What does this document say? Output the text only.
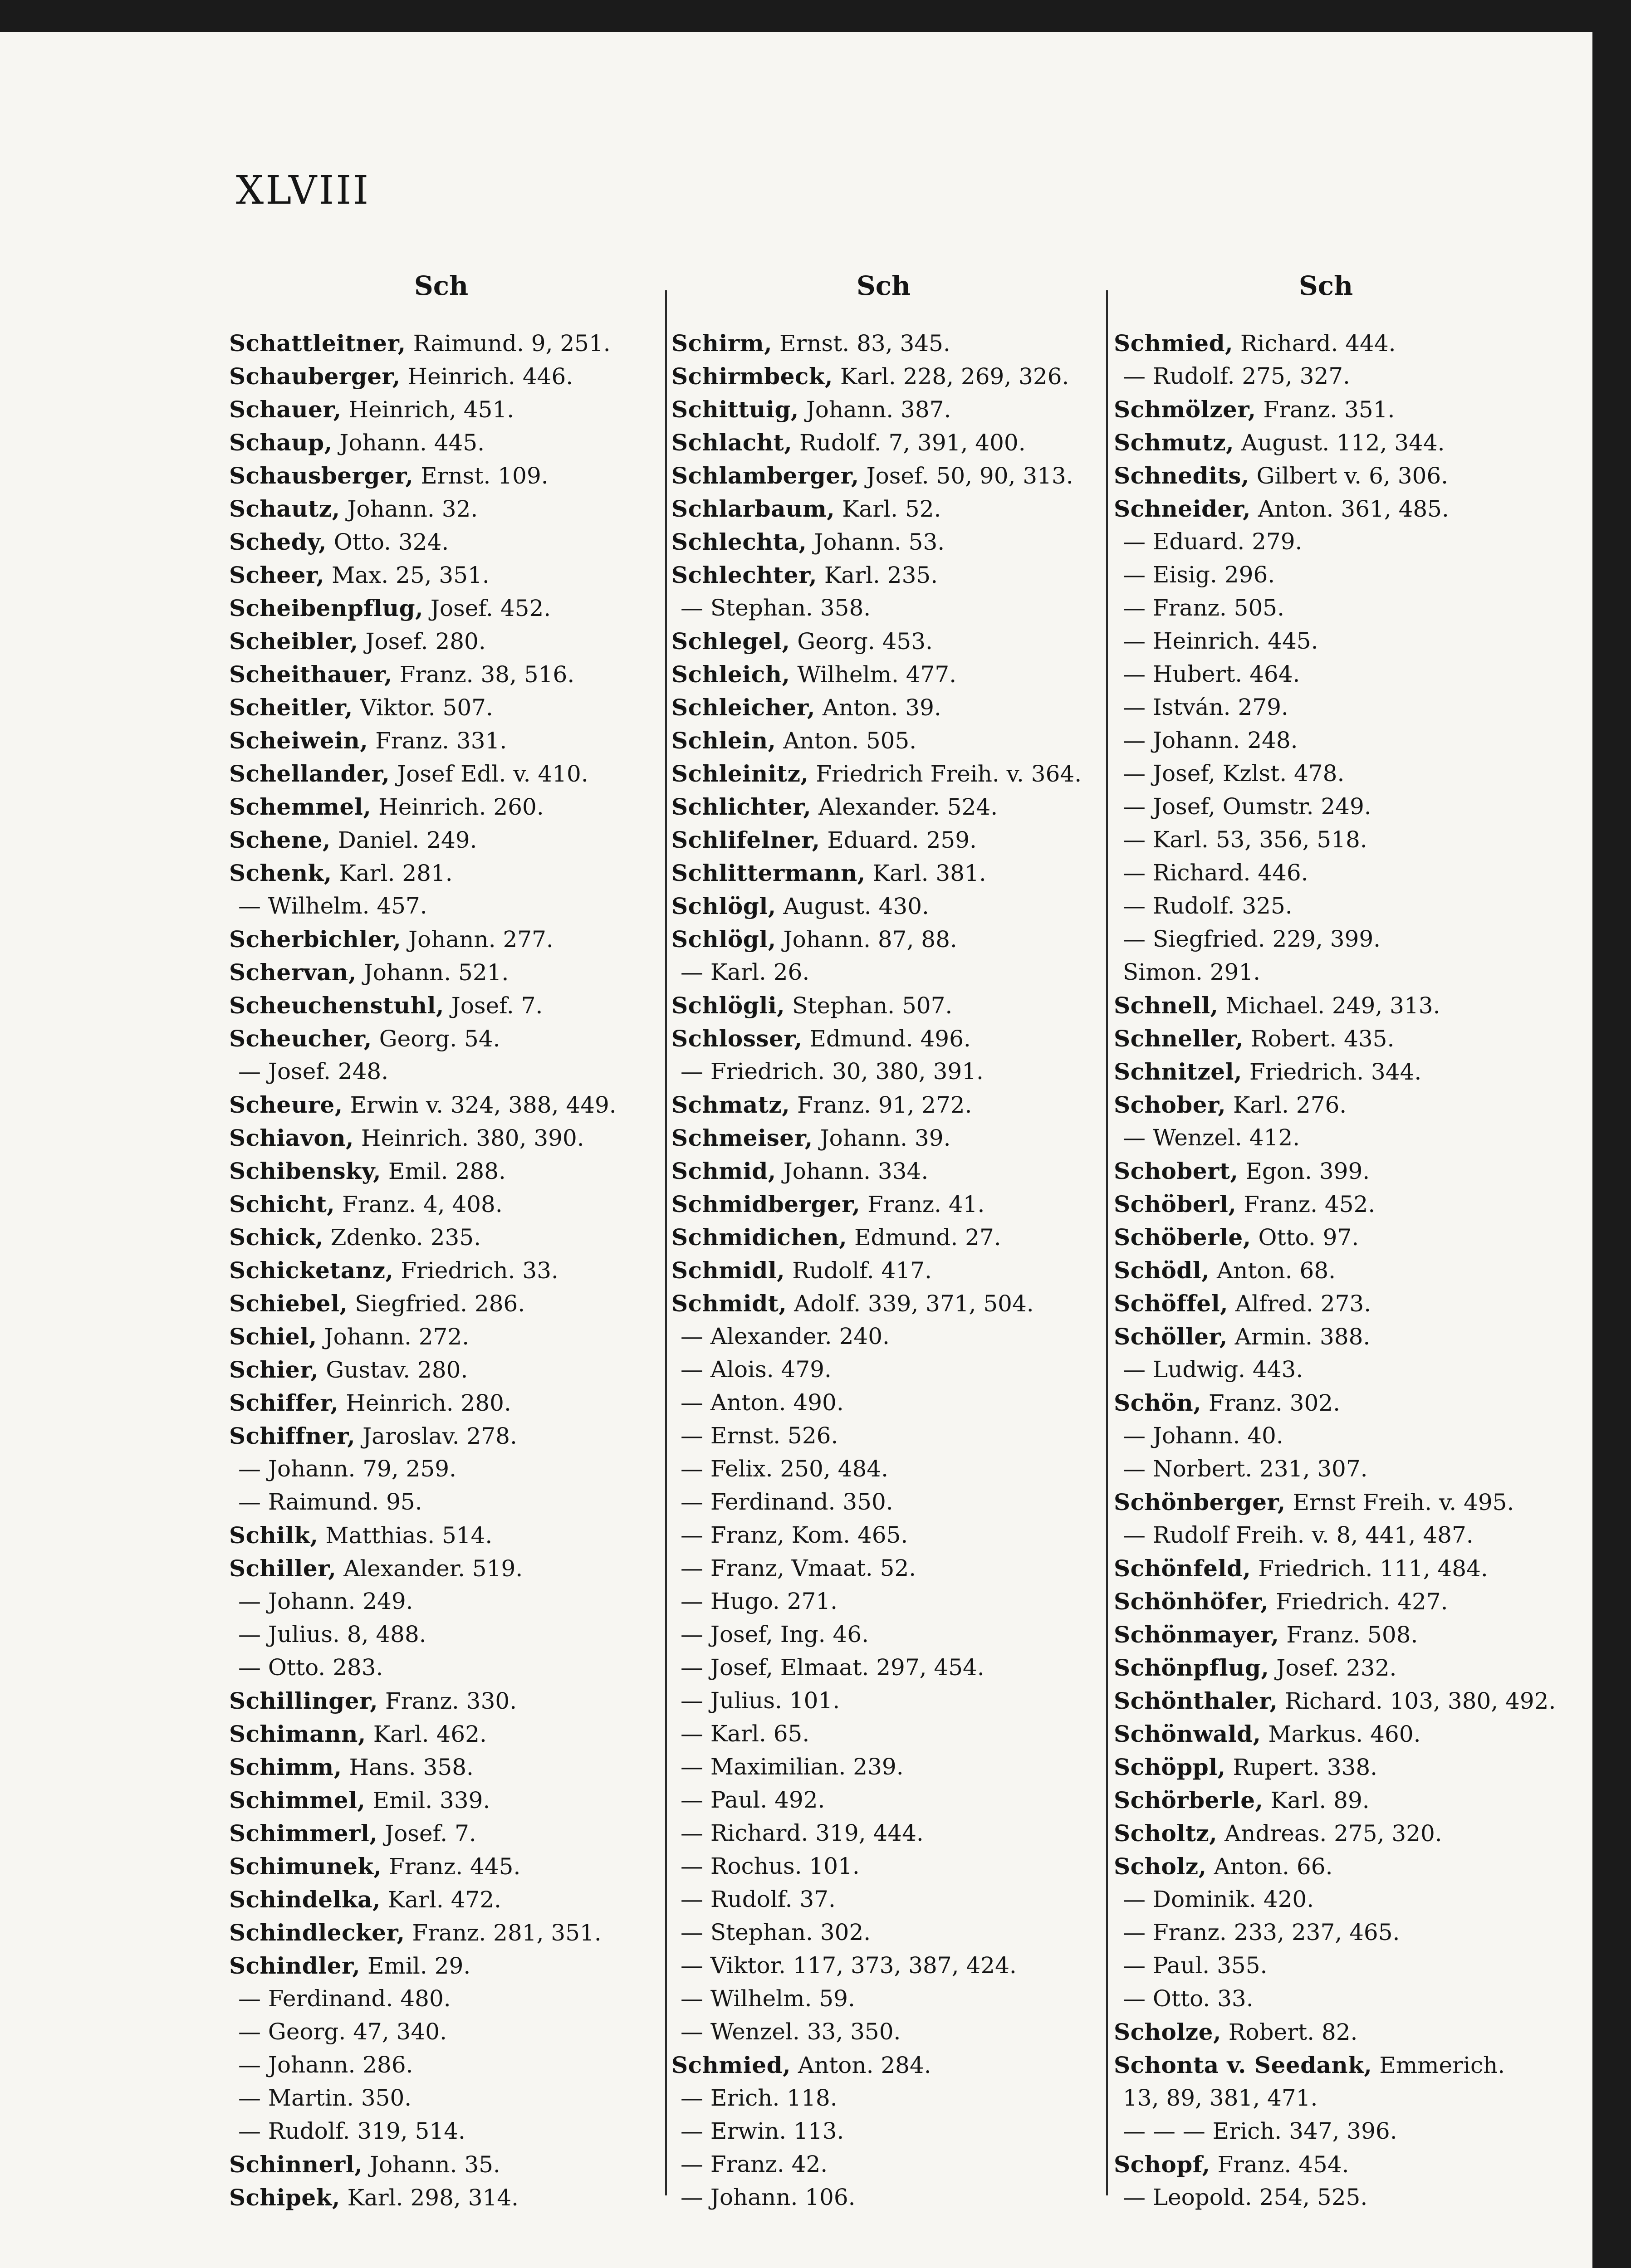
XLVIII
Sch
Schattleitner, Raimund. 9, 251.
Schauberger, Heinrich. 446.
Schauer, Heinrich, 451.
Schaup, Johann. 445.
Schausberger, Ernst. 109.
Schautz, Johann. 32.
Schedy, Otto. 324.
Scheer, Max. 25, 351.
Scheibenpflug, Josef. 452.
Scheibler, Josef. 280.
Scheithauer, Franz. 38, 516.
Scheitler, Viktor. 507.
Scheiwein, Franz. 331.
Schellander, Josef Edl. v. 410.
Schemmel, Heinrich. 260.
Schene, Daniel. 249.
Schenk, Karl. 281.
— Wilhelm. 457.
Scherbichler, Johann. 277.
Schervan, Johann. 521.
Scheuchenstuhl, Josef. 7.
Scheucher, Georg. 54.
— Josef. 248.
Scheure, Erwin v. 324, 388, 449.
Schiavon, Heinrich. 380, 390.
Schibensky, Emil. 288.
Schicht, Franz. 4, 408.
Schick, Zdenko. 235.
Schicketanz, Friedrich. 33.
Schiebel, Siegfried. 286.
Schiel, Johann. 272.
Schier, Gustav. 280.
Schiffer, Heinrich. 280.
Schiffner, Jaroslav. 278.
— Johann. 79, 259.
— Raimund. 95.
Schilk, Matthias. 514.
Schiller, Alexander. 519.
— Johann. 249.
— Julius. 8, 488.
— Otto. 283.
Schillinger, Franz. 330.
Schimann, Karl. 462.
Schimm, Hans. 358.
Schimmel, Emil. 339.
Schimmerl, Josef. 7.
Schimunek, Franz. 445.
Schindelka, Karl. 472.
Schindlecker, Franz. 281, 351.
Schindler, Emil. 29.
— Ferdinand. 480.
— Georg. 47, 340.
— Johann. 286.
— Martin. 350.
— Rudolf. 319, 514.
Schinnerl, Johann. 35.
Schipek, Karl. 298, 314.
Sch
Schirm, Ernst. 83, 345.
Schirmbeck, Karl. 228, 269, 326.
Schittuig, Johann. 387.
Schlacht, Rudolf. 7, 391, 400.
Schlamberger, Josef. 50, 90, 313.
Schlarbaum, Karl. 52.
Schlechta, Johann. 53.
Schlechter, Karl. 235.
— Stephan. 358.
Schlegel, Georg. 453.
Schleich, Wilhelm. 477.
Schleicher, Anton. 39.
Schlein, Anton. 505.
Schleinitz, Friedrich Freih. v. 364.
Schlichter, Alexander. 524.
Schlifelner, Eduard. 259.
Schlittermann, Karl. 381.
Schlögl, August. 430.
Schlögl, Johann. 87, 88.
— Karl. 26.
Schlögli, Stephan. 507.
Schlosser, Edmund. 496.
— Friedrich. 30, 380, 391.
Schmatz, Franz. 91, 272.
Schmeiser, Johann. 39.
Schmid, Johann. 334.
Schmidberger, Franz. 41.
Schmidichen, Edmund. 27.
Schmidl, Rudolf. 417.
Schmidt, Adolf. 339, 371, 504.
— Alexander. 240.
— Alois. 479.
— Anton. 490.
— Ernst. 526.
— Felix. 250, 484.
— Ferdinand. 350.
— Franz, Kom. 465.
— Franz, Vmaat. 52.
— Hugo. 271.
— Josef, Ing. 46.
— Josef, Elmaat. 297, 454.
— Julius. 101.
— Karl. 65.
— Maximilian. 239.
— Paul. 492.
— Richard. 319, 444.
— Rochus. 101.
— Rudolf. 37.
— Stephan. 302.
— Viktor. 117, 373, 387, 424.
— Wilhelm. 59.
— Wenzel. 33, 350.
Schmied, Anton. 284.
— Erich. 118.
— Erwin. 113.
— Franz. 42.
— Johann. 106.
Sch
Schmied, Richard. 444.
— Rudolf. 275, 327.
Schmölzer, Franz. 351.
Schmutz, August. 112, 344.
Schnedits, Gilbert v. 6, 306.
Schneider, Anton. 361, 485.
— Eduard. 279.
— Eisig. 296.
— Franz. 505.
— Heinrich. 445.
— Hubert. 464.
— István. 279.
— Johann. 248.
— Josef, Kzlst. 478.
— Josef, Oumstr. 249.
— Karl. 53, 356, 518.
— Richard. 446.
— Rudolf. 325.
— Siegfried. 229, 399.
Simon. 291.
Schnell, Michael. 249, 313.
Schneller, Robert. 435.
Schnitzel, Friedrich. 344.
Schober, Karl. 276.
— Wenzel. 412.
Schobert, Egon. 399.
Schöberl, Franz. 452.
Schöberle, Otto. 97.
Schödl, Anton. 68.
Schöffel, Alfred. 273.
Schöller, Armin. 388.
— Ludwig. 443.
Schön, Franz. 302.
— Johann. 40.
— Norbert. 231, 307.
Schönberger, Ernst Freih. v. 495.
— Rudolf Freih. v. 8, 441, 487.
Schönfeld, Friedrich. 111, 484.
Schönhöfer, Friedrich. 427.
Schönmayer, Franz. 508.
Schönpflug, Josef. 232.
Schönthaler, Richard. 103, 380, 492.
Schönwald, Markus. 460.
Schöppl, Rupert. 338.
Schörberle, Karl. 89.
Scholtz, Andreas. 275, 320.
Scholz, Anton. 66.
— Dominik. 420.
— Franz. 233, 237, 465.
— Paul. 355.
— Otto. 33.
Scholze, Robert. 82.
Schonta v. Seedank, Emmerich.
13, 89, 381, 471.
— — — Erich. 347, 396.
Schopf, Franz. 454.
— Leopold. 254, 525.
